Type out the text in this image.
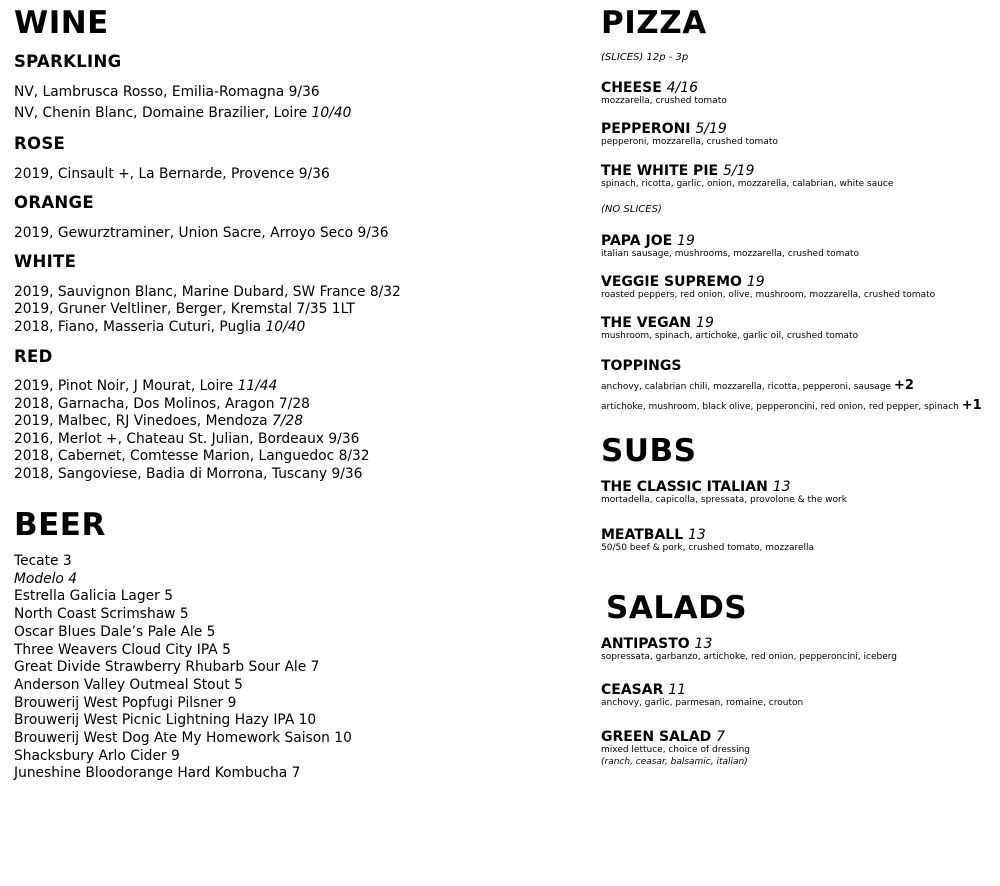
WINE
SPARKLING
NV, Lambrusca Rosso, Emilia-Romagna 9/36
NV, Chenin Blanc, Domaine Brazilier, Loire 10/40
ROSE
2019, Cinsault +, La Bernarde, Provence 9/36
ORANGE
2019, Gewurztraminer, Union Sacre, Arroyo Seco 9/36
WHITE
2019, Sauvignon Blanc, Marine Dubard, SW France 8/32
2019, Gruner Veltliner, Berger, Kremstal 7/35 1LT
2018, Fiano, Masseria Cuturi, Puglia 10/40
RED
2019, Pinot Noir, J Mourat, Loire 11/44
2018, Garnacha, Dos Molinos, Aragon 7/28
2019, Malbec, RJ Vinedoes, Mendoza 7/28
2016, Merlot +, Chateau St. Julian, Bordeaux 9/36
2018, Cabernet, Comtesse Marion, Languedoc 8/32
2018, Sangoviese, Badia di Morrona, Tuscany 9/36
BEER
Tecate 3
Modelo 4
Estrella Galicia Lager 5
North Coast Scrimshaw 5
Oscar Blues Dale’s Pale Ale 5
Three Weavers Cloud City IPA 5
Great Divide Strawberry Rhubarb Sour Ale 7
Anderson Valley Outmeal Stout 5
Brouwerij West Popfugi Pilsner 9
Brouwerij West Picnic Lightning Hazy IPA 10
Brouwerij West Dog Ate My Homework Saison 10
Shacksbury Arlo Cider 9
Juneshine Bloodorange Hard Kombucha 7
PIZZA
(SLICES) 12p - 3p
CHEESE 4/16
mozzarella, crushed tomato
PEPPERONI 5/19
pepperoni, mozzarella, crushed tomato
THE WHITE PIE 5/19
spinach, ricotta, garlic, onion, mozzarella, calabrian, white sauce
(NO SLICES)
PAPA JOE 19
italian sausage, mushrooms, mozzarella, crushed tomato
VEGGIE SUPREMO 19
roasted peppers, red onion, olive, mushroom, mozzarella, crushed tomato
THE VEGAN 19
mushroom, spinach, artichoke, garlic oil, crushed tomato
TOPPINGS
anchovy, calabrian chili, mozzarella, ricotta, pepperoni, sausage +2
artichoke, mushroom, black olive, pepperoncini, red onion, red pepper, spinach +1
SUBS
THE CLASSIC ITALIAN 13
mortadella, capicolla, spressata, provolone & the work
MEATBALL 13
50/50 beef & pork, crushed tomato, mozzarella
SALADS
ANTIPASTO 13
sopressata, garbanzo, artichoke, red onion, pepperoncini, iceberg
CEASAR 11
anchovy, garlic, parmesan, romaine, crouton
GREEN SALAD 7
mixed lettuce, choice of dressing
(ranch, ceasar, balsamic, italian)
